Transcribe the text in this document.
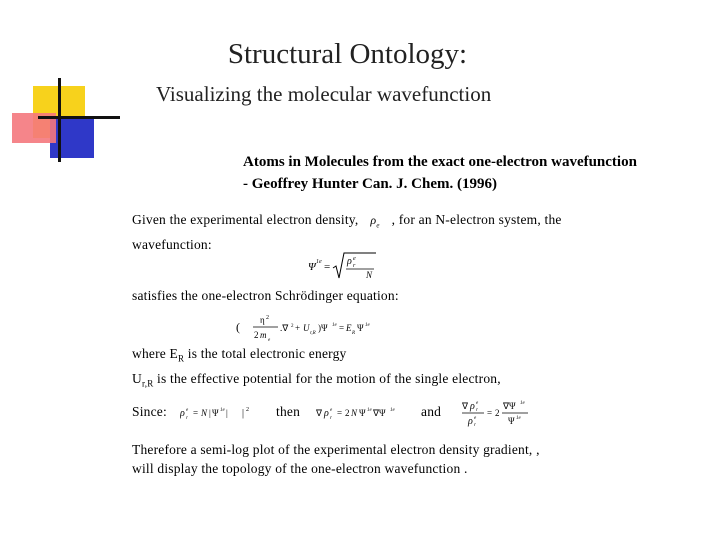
Structural Ontology:
Visualizing the molecular wavefunction
Atoms in Molecules from the exact one-electron wavefunction
- Geoffrey Hunter Can. J. Chem. (1996)
Given the experimental electron density, $\rho_e$ , for an N-electron system, the
wavefunction:
Ψ 1e = ρ e
r
N
satisfies the one-electron Schrödinger equation:
( η 2
2 m
e
.∇ 2 + U
r,R
)Ψ 1e = E
R
Ψ 1e
where $E_R$ is the total electronic energy
$U_{r,R}$ is the effective potential for the motion of the single electron,
Since: ρ e
r
= N | Ψ 1e | | 2 then ∇ ρ e
r
= 2 N Ψ 1e ∇Ψ 1e and ∇ ρ e
r
ρ e
r
= 2
∇Ψ 1e
Ψ 1e
Therefore a semi-log plot of the experimental electron density gradient, ,
will display the topology of the one-electron wavefunction .
